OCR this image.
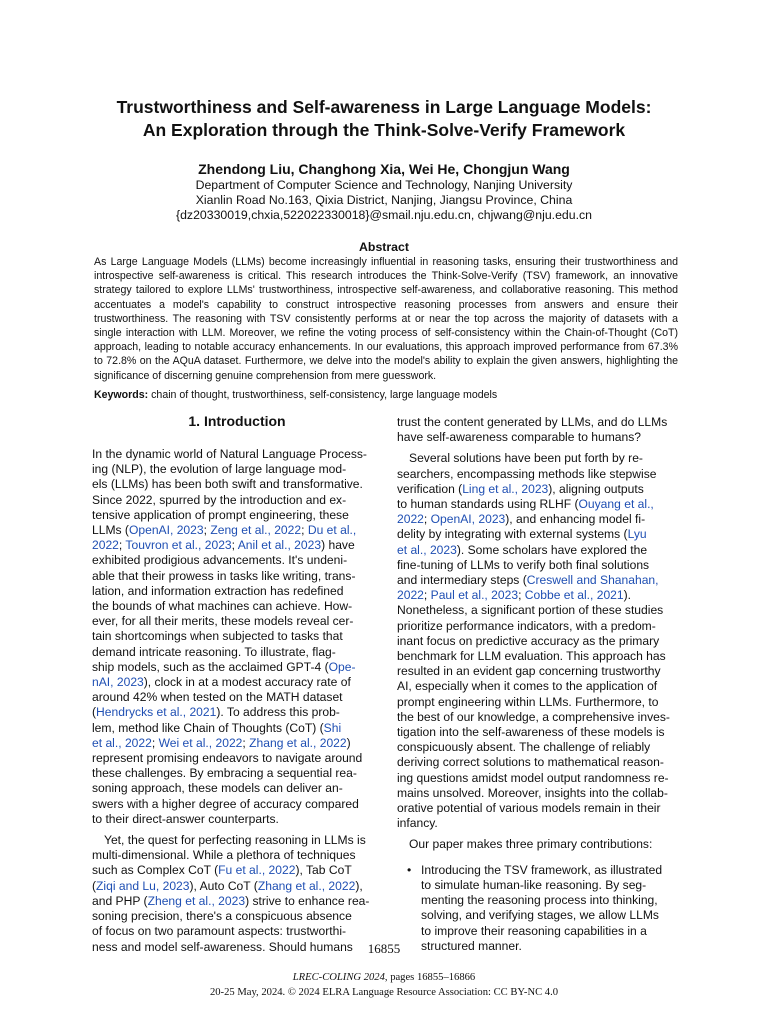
Trustworthiness and Self-awareness in Large Language Models:
An Exploration through the Think-Solve-Verify Framework
Zhendong Liu, Changhong Xia, Wei He, Chongjun Wang
Department of Computer Science and Technology, Nanjing University
Xianlin Road No.163, Qixia District, Nanjing, Jiangsu Province, China
{dz20330019,chxia,522022330018}@smail.nju.edu.cn, chjwang@nju.edu.cn
Abstract
As Large Language Models (LLMs) become increasingly influential in reasoning tasks, ensuring their trustworthiness and introspective self-awareness is critical. This research introduces the Think-Solve-Verify (TSV) framework, an innovative strategy tailored to explore LLMs' trustworthiness, introspective self-awareness, and collaborative reasoning. This method accentuates a model's capability to construct introspective reasoning processes from answers and ensure their trustworthiness. The reasoning with TSV consistently performs at or near the top across the majority of datasets with a single interaction with LLM. Moreover, we refine the voting process of self-consistency within the Chain-of-Thought (CoT) approach, leading to notable accuracy enhancements. In our evaluations, this approach improved performance from 67.3% to 72.8% on the AQuA dataset. Furthermore, we delve into the model's ability to explain the given answers, highlighting the significance of discerning genuine comprehension from mere guesswork.
Keywords: chain of thought, trustworthiness, self-consistency, large language models
1. Introduction

In the dynamic world of Natural Language Process-
ing (NLP), the evolution of large language mod-
els (LLMs) has been both swift and transformative.
Since 2022, spurred by the introduction and ex-
tensive application of prompt engineering, these
LLMs (OpenAI, 2023; Zeng et al., 2022; Du et al.,
2022; Touvron et al., 2023; Anil et al., 2023) have
exhibited prodigious advancements. It's undeni-
able that their prowess in tasks like writing, trans-
lation, and information extraction has redefined
the bounds of what machines can achieve. How-
ever, for all their merits, these models reveal cer-
tain shortcomings when subjected to tasks that
demand intricate reasoning. To illustrate, flag-
ship models, such as the acclaimed GPT-4 (Ope-
nAI, 2023), clock in at a modest accuracy rate of
around 42% when tested on the MATH dataset
(Hendrycks et al., 2021). To address this prob-
lem, method like Chain of Thoughts (CoT) (Shi
et al., 2022; Wei et al., 2022; Zhang et al., 2022)
represent promising endeavors to navigate around
these challenges. By embracing a sequential rea-
soning approach, these models can deliver an-
swers with a higher degree of accuracy compared
to their direct-answer counterparts.

Yet, the quest for perfecting reasoning in LLMs is
multi-dimensional. While a plethora of techniques
such as Complex CoT (Fu et al., 2022), Tab CoT
(Ziqi and Lu, 2023), Auto CoT (Zhang et al., 2022),
and PHP (Zheng et al., 2023) strive to enhance rea-
soning precision, there's a conspicuous absence
of focus on two paramount aspects: trustworthi-
ness and model self-awareness. Should humans

trust the content generated by LLMs, and do LLMs
have self-awareness comparable to humans?

Several solutions have been put forth by re-
searchers, encompassing methods like stepwise
verification (Ling et al., 2023), aligning outputs
to human standards using RLHF (Ouyang et al.,
2022; OpenAI, 2023), and enhancing model fi-
delity by integrating with external systems (Lyu
et al., 2023). Some scholars have explored the
fine-tuning of LLMs to verify both final solutions
and intermediary steps (Creswell and Shanahan,
2022; Paul et al., 2023; Cobbe et al., 2021).
Nonetheless, a significant portion of these studies
prioritize performance indicators, with a predom-
inant focus on predictive accuracy as the primary
benchmark for LLM evaluation. This approach has
resulted in an evident gap concerning trustworthy
AI, especially when it comes to the application of
prompt engineering within LLMs. Furthermore, to
the best of our knowledge, a comprehensive inves-
tigation into the self-awareness of these models is
conspicuously absent. The challenge of reliably
deriving correct solutions to mathematical reason-
ing questions amidst model output randomness re-
mains unsolved. Moreover, insights into the collab-
orative potential of various models remain in their
infancy.

Our paper makes three primary contributions:

• Introducing the TSV framework, as illustrated
to simulate human-like reasoning. By seg-
menting the reasoning process into thinking,
solving, and verifying stages, we allow LLMs
to improve their reasoning capabilities in a
structured manner.
16855
LREC-COLING 2024, pages 16855–16866
20-25 May, 2024. © 2024 ELRA Language Resource Association: CC BY-NC 4.0
